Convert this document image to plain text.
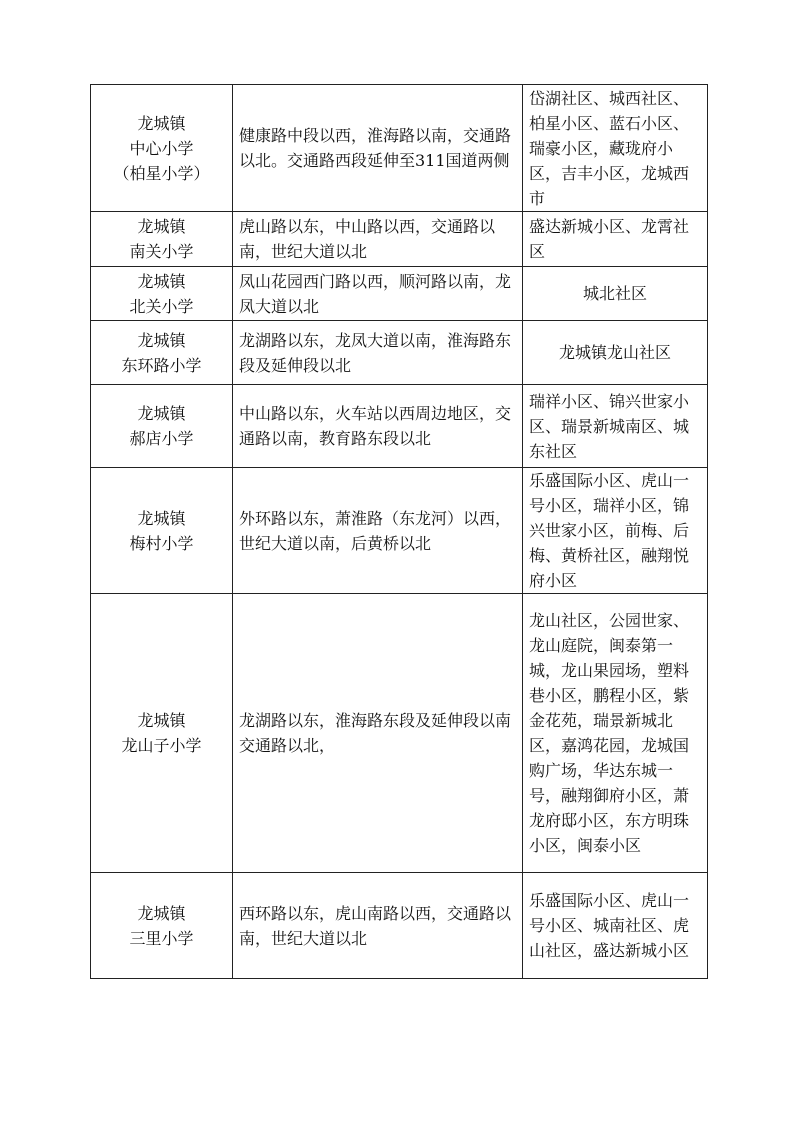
龙城镇
中心小学
（柏星小学）	健康路中段以西，淮海路以南，交通路以北。交通路西段延伸至311国道两侧	岱湖社区、城西社区、柏星小区、蓝石小区、瑞豪小区，藏珑府小区，吉丰小区，龙城西市

龙城镇
南关小学	虎山路以东，中山路以西，交通路以南，世纪大道以北	盛达新城小区、龙霄社区

龙城镇
北关小学	凤山花园西门路以西，顺河路以南，龙凤大道以北	城北社区

龙城镇
东环路小学	龙湖路以东，龙凤大道以南，淮海路东段及延伸段以北	龙城镇龙山社区

龙城镇
郝店小学	中山路以东，火车站以西周边地区，交通路以南，教育路东段以北	瑞祥小区、锦兴世家小区、瑞景新城南区、城东社区

龙城镇
梅村小学	外环路以东，萧淮路（东龙河）以西，世纪大道以南，后黄桥以北	乐盛国际小区、虎山一号小区，瑞祥小区，锦兴世家小区，前梅、后梅、黄桥社区，融翔悦府小区

龙城镇
龙山子小学	龙湖路以东，淮海路东段及延伸段以南交通路以北，	龙山社区，公园世家、龙山庭院，闽泰第一城，龙山果园场，塑料巷小区，鹏程小区，紫金花苑，瑞景新城北区，嘉鸿花园，龙城国购广场，华达东城一号，融翔御府小区，萧龙府邸小区，东方明珠小区，闽泰小区

龙城镇
三里小学	西环路以东，虎山南路以西，交通路以南，世纪大道以北	乐盛国际小区、虎山一号小区、城南社区、虎山社区，盛达新城小区
